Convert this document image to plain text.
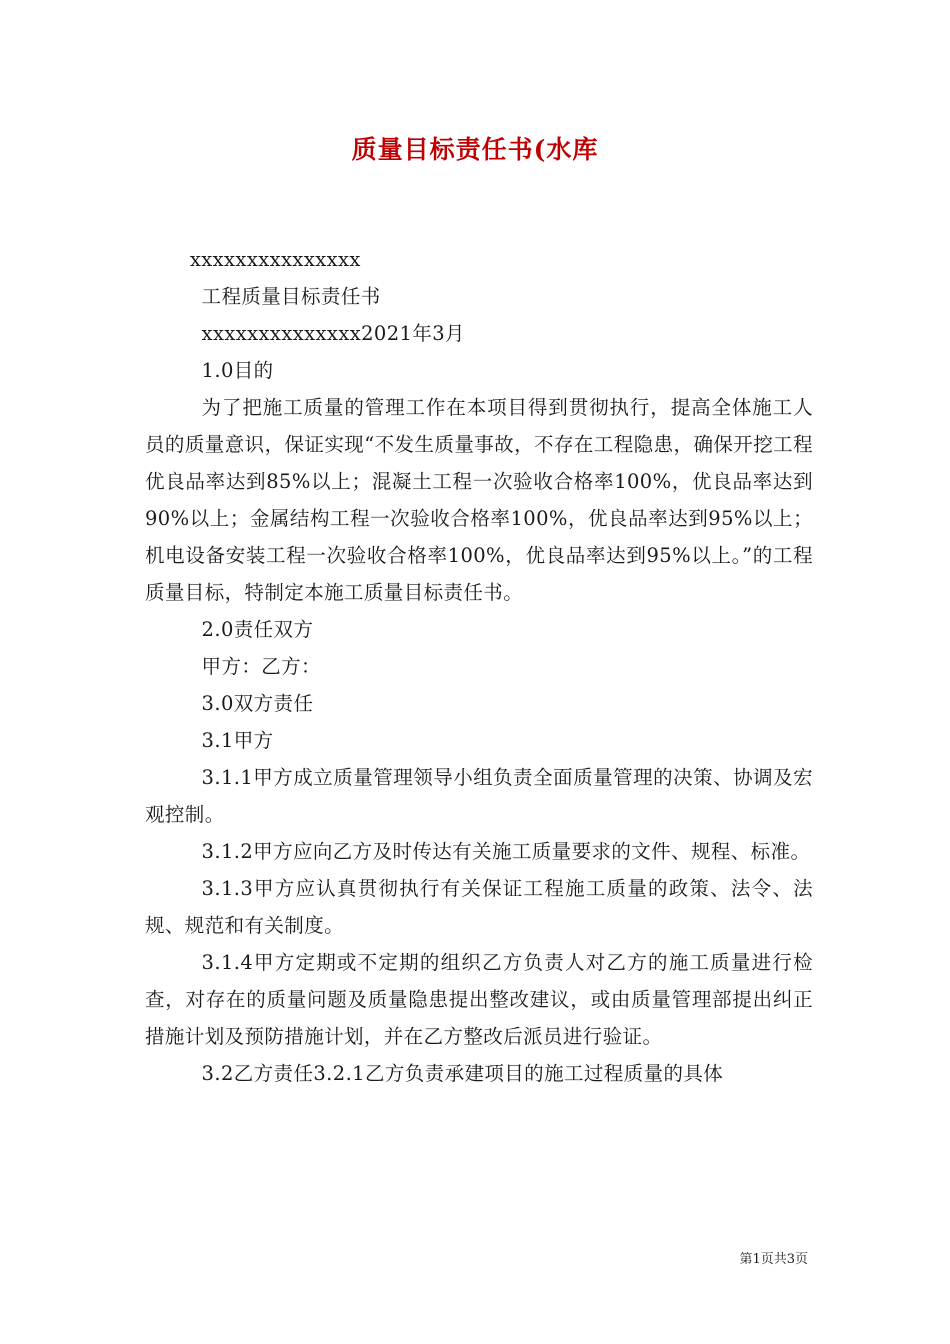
质量目标责任书(水库

xxxxxxxxxxxxxxx

工程质量目标责任书

xxxxxxxxxxxxxx2021年3月

1.0目的

为了把施工质量的管理工作在本项目得到贯彻执行，提高全体施工人员的质量意识，保证实现“不发生质量事故，不存在工程隐患，确保开挖工程优良品率达到85%以上；混凝土工程一次验收合格率100%，优良品率达到90%以上；金属结构工程一次验收合格率100%，优良品率达到95%以上；机电设备安装工程一次验收合格率100%，优良品率达到95%以上。”的工程质量目标，特制定本施工质量目标责任书。

2.0责任双方

甲方：乙方：

3.0双方责任

3.1甲方

3.1.1甲方成立质量管理领导小组负责全面质量管理的决策、协调及宏观控制。

3.1.2甲方应向乙方及时传达有关施工质量要求的文件、规程、标准。

3.1.3甲方应认真贯彻执行有关保证工程施工质量的政策、法令、法规、规范和有关制度。

3.1.4甲方定期或不定期的组织乙方负责人对乙方的施工质量进行检查，对存在的质量问题及质量隐患提出整改建议，或由质量管理部提出纠正措施计划及预防措施计划，并在乙方整改后派员进行验证。

3.2乙方责任3.2.1乙方负责承建项目的施工过程质量的具体

第1页共3页
